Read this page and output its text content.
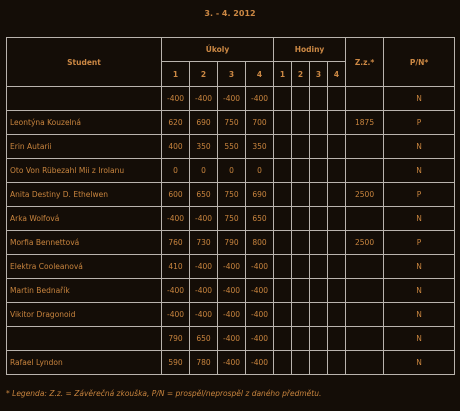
3. - 4. 2012
Student	Úkoly				Hodiny				Z.z.*	P/N*
	1	2	3	4	1	2	3	4		
	-400	-400	-400	-400						N
Leontýna Kouzelná	620	690	750	700					1875	P
Erin Autarii	400	350	550	350						N
Oto Von Rübezahl Mii z Irolanu	0	0	0	0						N
Anita Destiny D. Ethelwen	600	650	750	690					2500	P
Arka Wolfová	-400	-400	750	650						N
Morfia Bennettová	760	730	790	800					2500	P
Elektra Cooleanová	410	-400	-400	-400						N
Martin Bednařík	-400	-400	-400	-400						N
Vikitor Dragonoid	-400	-400	-400	-400						N
	790	650	-400	-400						N
Rafael Lyndon	590	780	-400	-400						N
* Legenda: Z.z. = Závěrečná zkouška, P/N = prospěl/neprospěl z daného předmětu.
